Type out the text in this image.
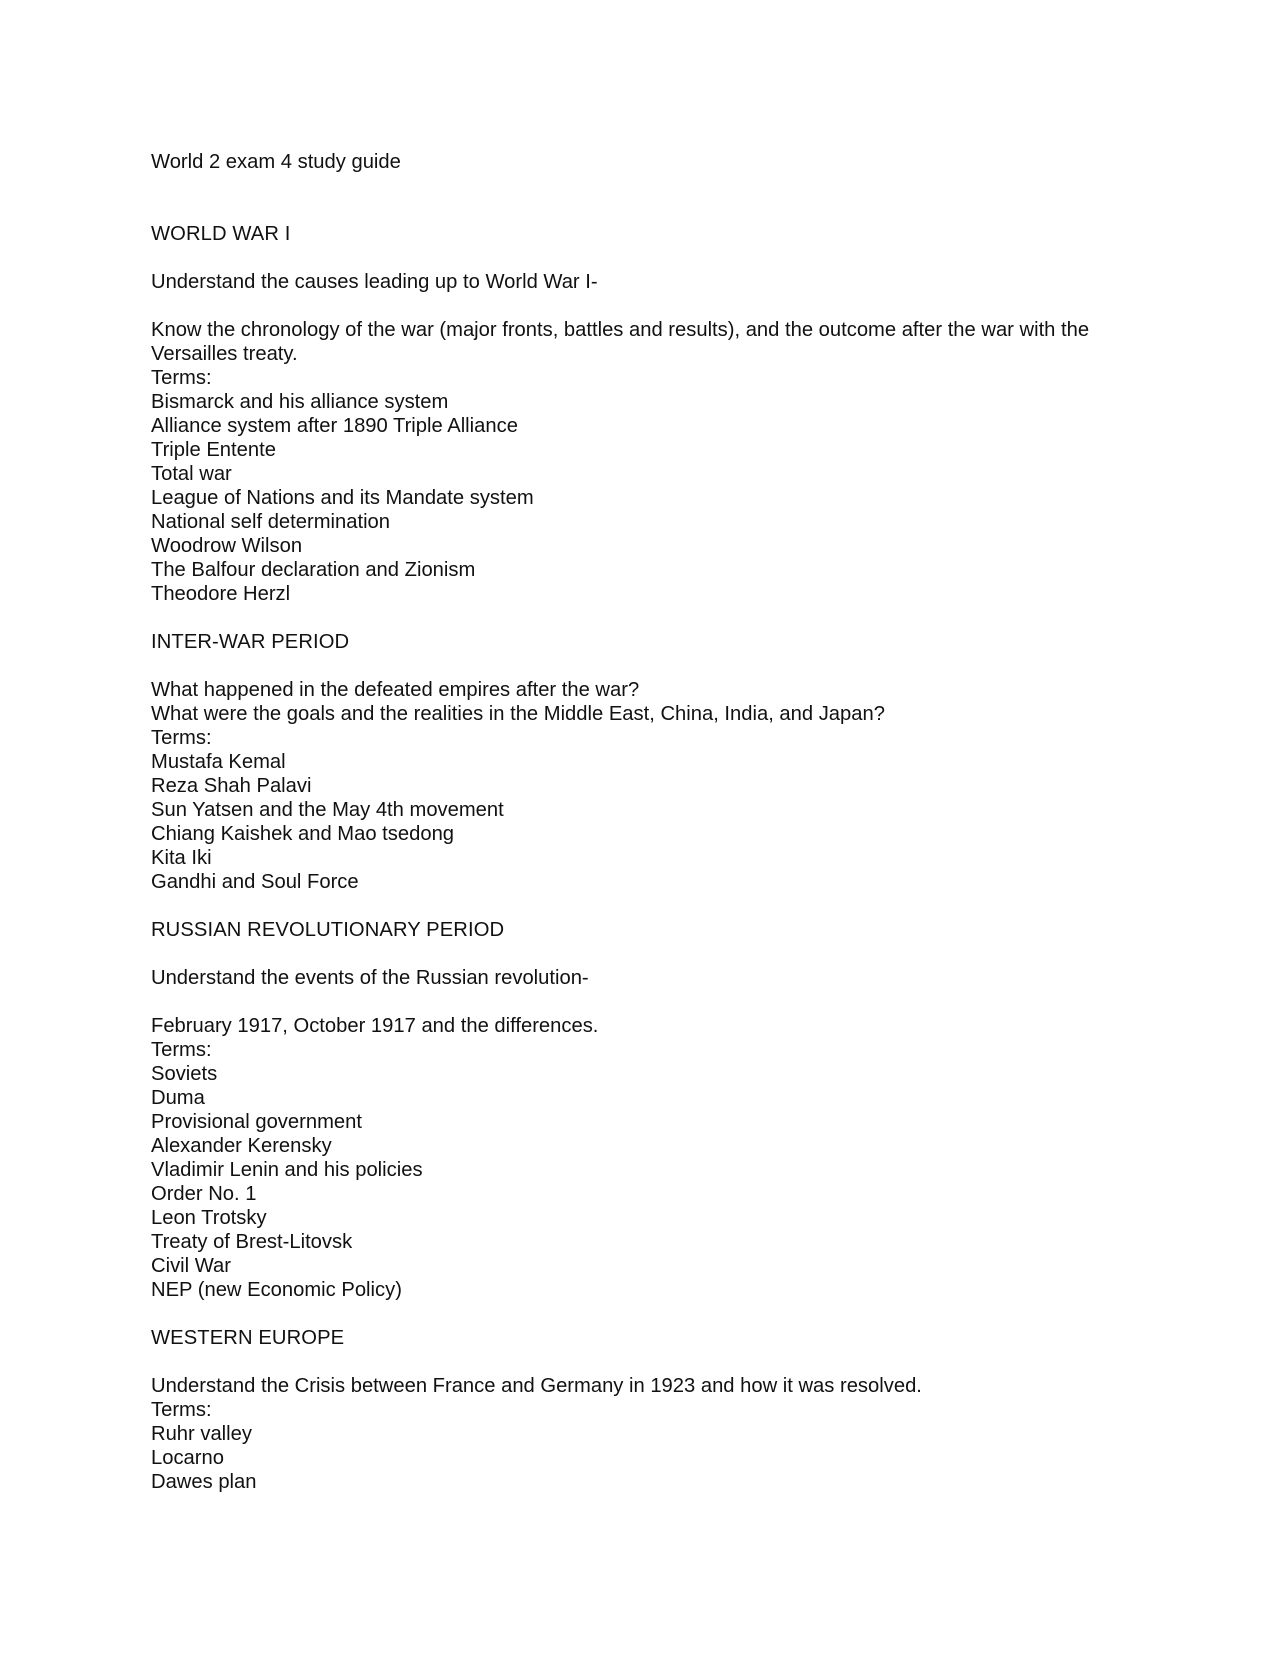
World 2 exam 4 study guide

WORLD WAR I

Understand the causes leading up to World War I-

Know the chronology of the war (major fronts, battles and results), and the outcome after the war with the Versailles treaty.

Terms:

Bismarck and his alliance system

Alliance system after 1890 Triple Alliance

Triple Entente

Total war

League of Nations and its Mandate system

National self determination

Woodrow Wilson

The Balfour declaration and Zionism

Theodore Herzl

INTER-WAR PERIOD

What happened in the defeated empires after the war?

What were the goals and the realities in the Middle East, China, India, and Japan?

Terms:

Mustafa Kemal

Reza Shah Palavi

Sun Yatsen and the May 4th movement

Chiang Kaishek and Mao tsedong

Kita Iki

Gandhi and Soul Force

RUSSIAN REVOLUTIONARY PERIOD

Understand the events of the Russian revolution-

February 1917, October 1917 and the differences.

Terms:

Soviets

Duma

Provisional government

Alexander Kerensky

Vladimir Lenin and his policies

Order No. 1

Leon Trotsky

Treaty of Brest-Litovsk

Civil War

NEP (new Economic Policy)

WESTERN EUROPE

Understand the Crisis between France and Germany in 1923 and how it was resolved.

Terms:

Ruhr valley

Locarno

Dawes plan
